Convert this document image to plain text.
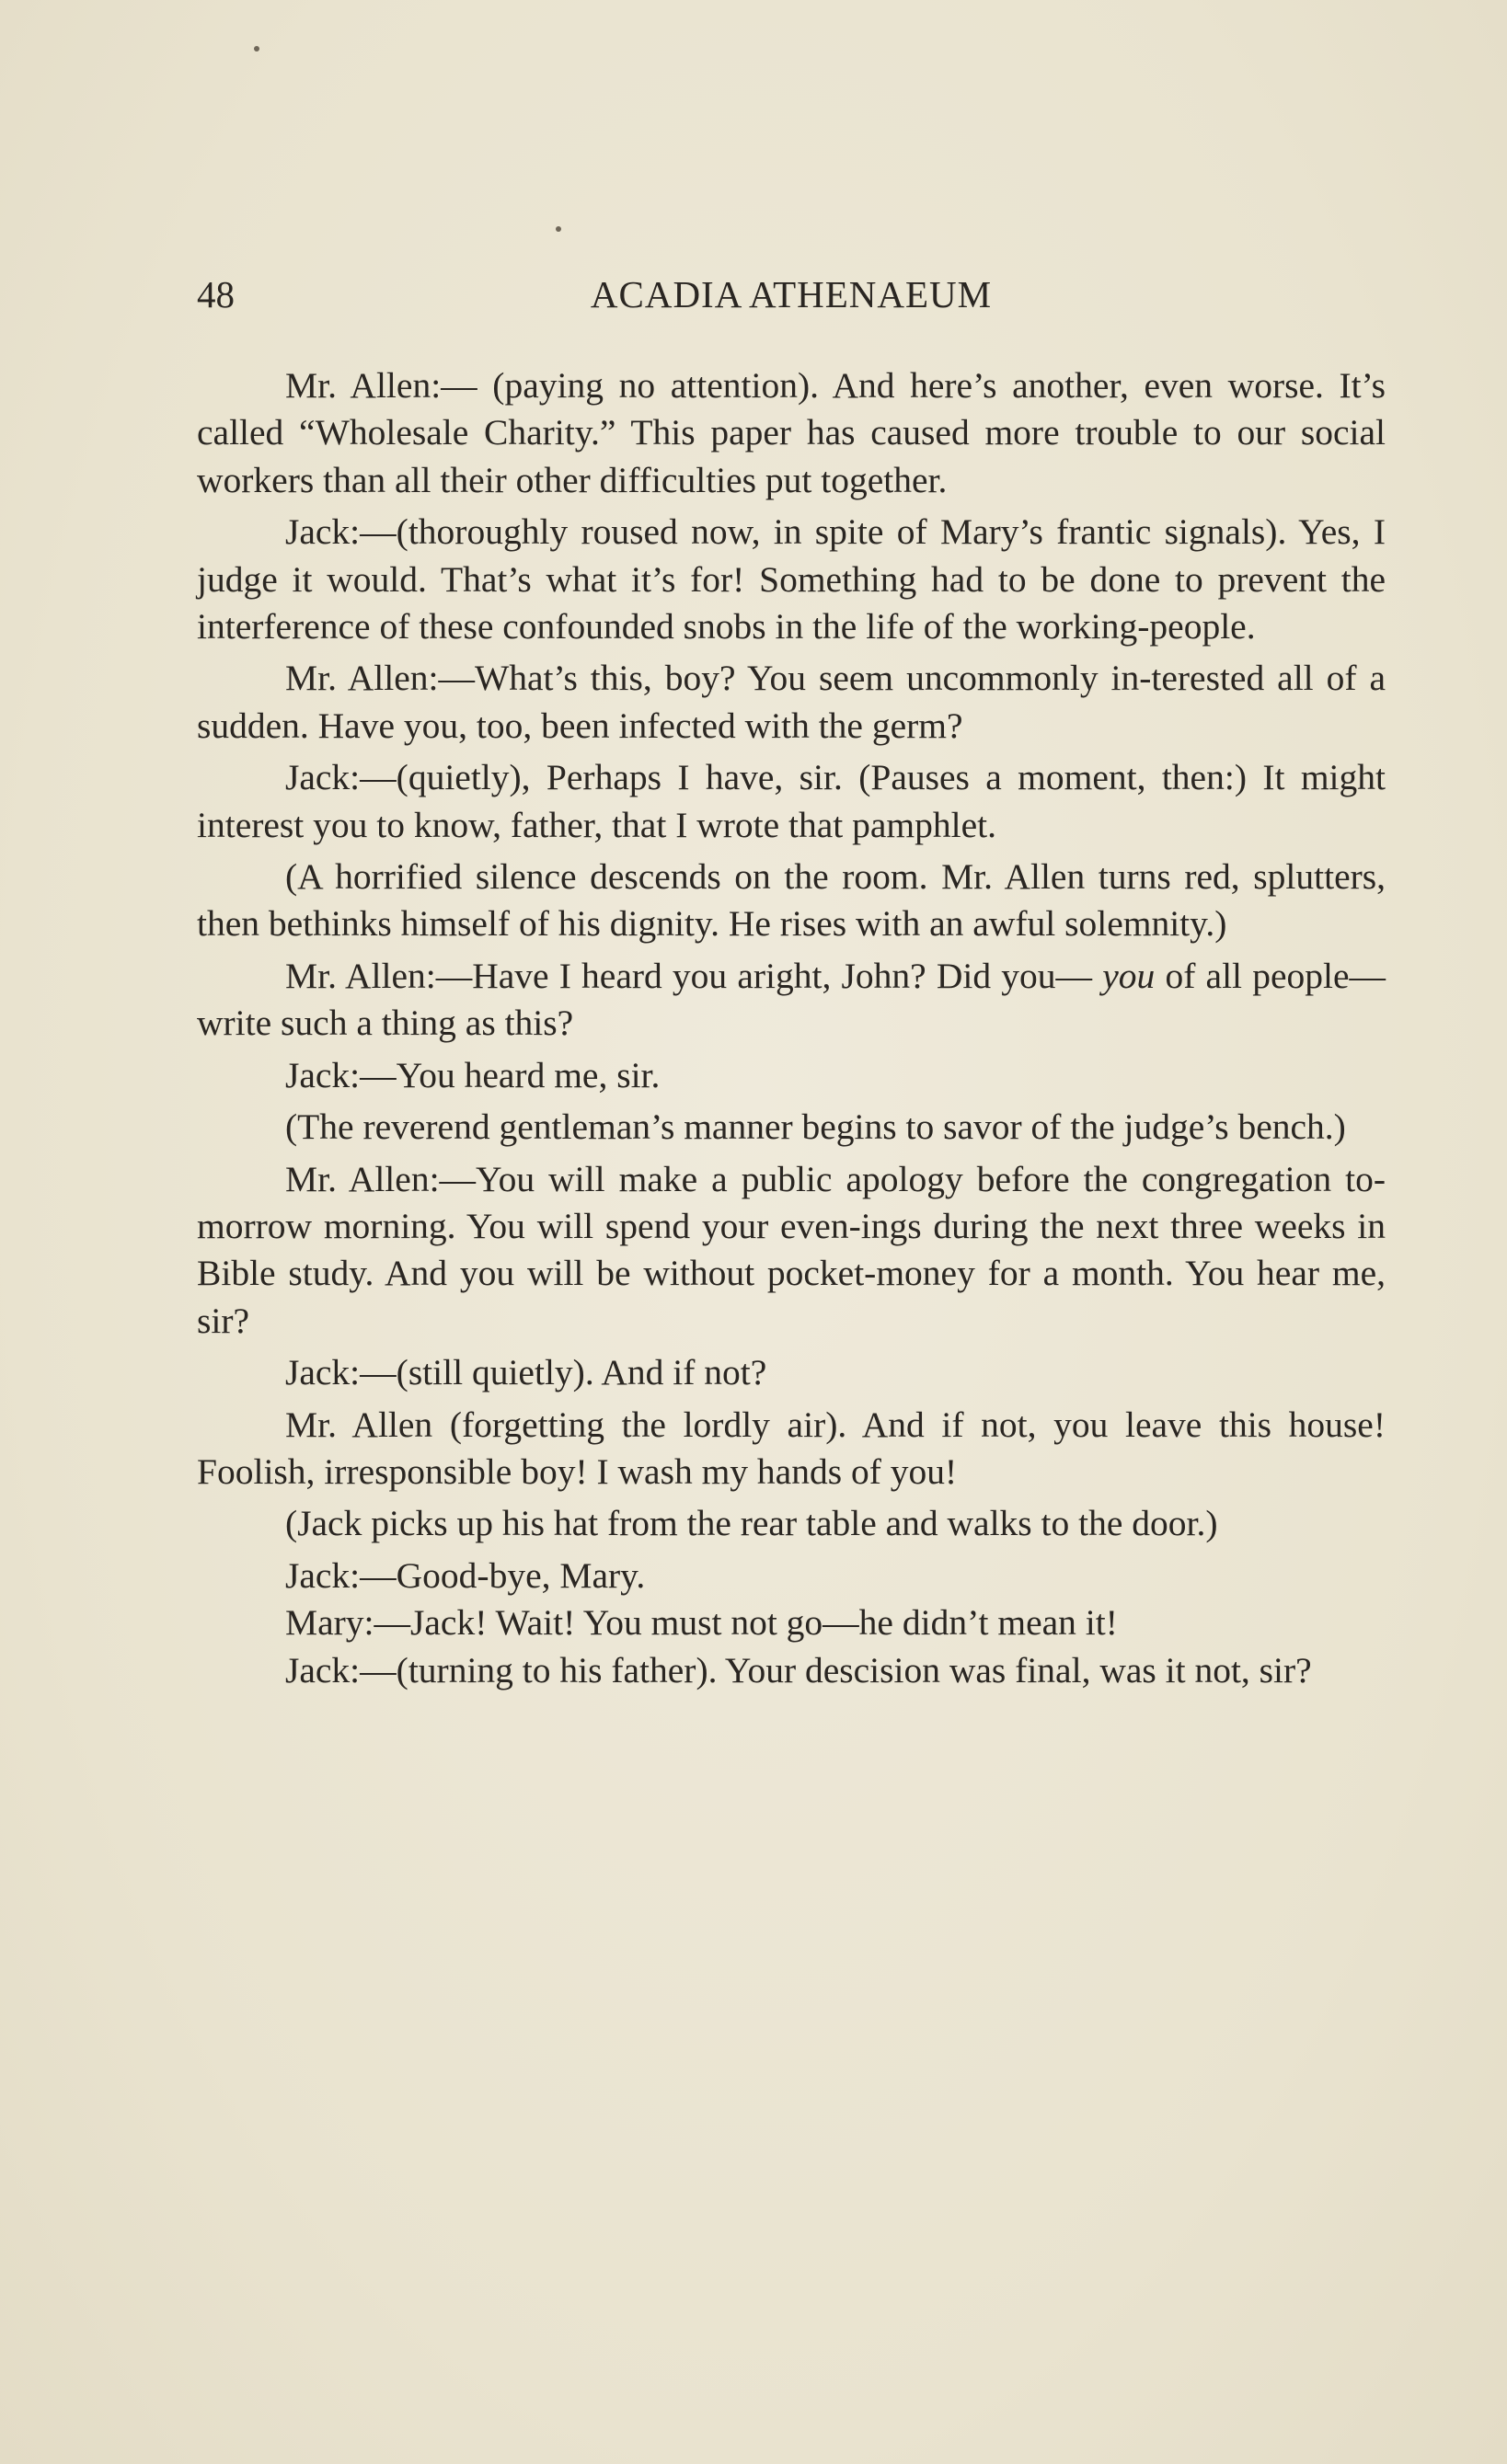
48	ACADIA ATHENAEUM

Mr. Allen:— (paying no attention). And here’s another, even worse. It’s called “Wholesale Charity.” This paper has caused more trouble to our social workers than all their other difficulties put together.

Jack:—(thoroughly roused now, in spite of Mary’s frantic signals). Yes, I judge it would. That’s what it’s for! Something had to be done to prevent the interference of these confounded snobs in the life of the working-people.

Mr. Allen:—What’s this, boy? You seem uncommonly in-terested all of a sudden. Have you, too, been infected with the germ?

Jack:—(quietly), Perhaps I have, sir. (Pauses a moment, then:) It might interest you to know, father, that I wrote that pamphlet.

(A horrified silence descends on the room. Mr. Allen turns red, splutters, then bethinks himself of his dignity. He rises with an awful solemnity.)

Mr. Allen:—Have I heard you aright, John? Did you— you of all people—write such a thing as this?

Jack:—You heard me, sir.

(The reverend gentleman’s manner begins to savor of the judge’s bench.)

Mr. Allen:—You will make a public apology before the congregation to-morrow morning. You will spend your even-ings during the next three weeks in Bible study. And you will be without pocket-money for a month. You hear me, sir?

Jack:—(still quietly). And if not?

Mr. Allen (forgetting the lordly air). And if not, you leave this house! Foolish, irresponsible boy! I wash my hands of you!

(Jack picks up his hat from the rear table and walks to the door.)

Jack:—Good-bye, Mary.

Mary:—Jack! Wait! You must not go—he didn’t mean it!

Jack:—(turning to his father). Your descision was final, was it not, sir?
